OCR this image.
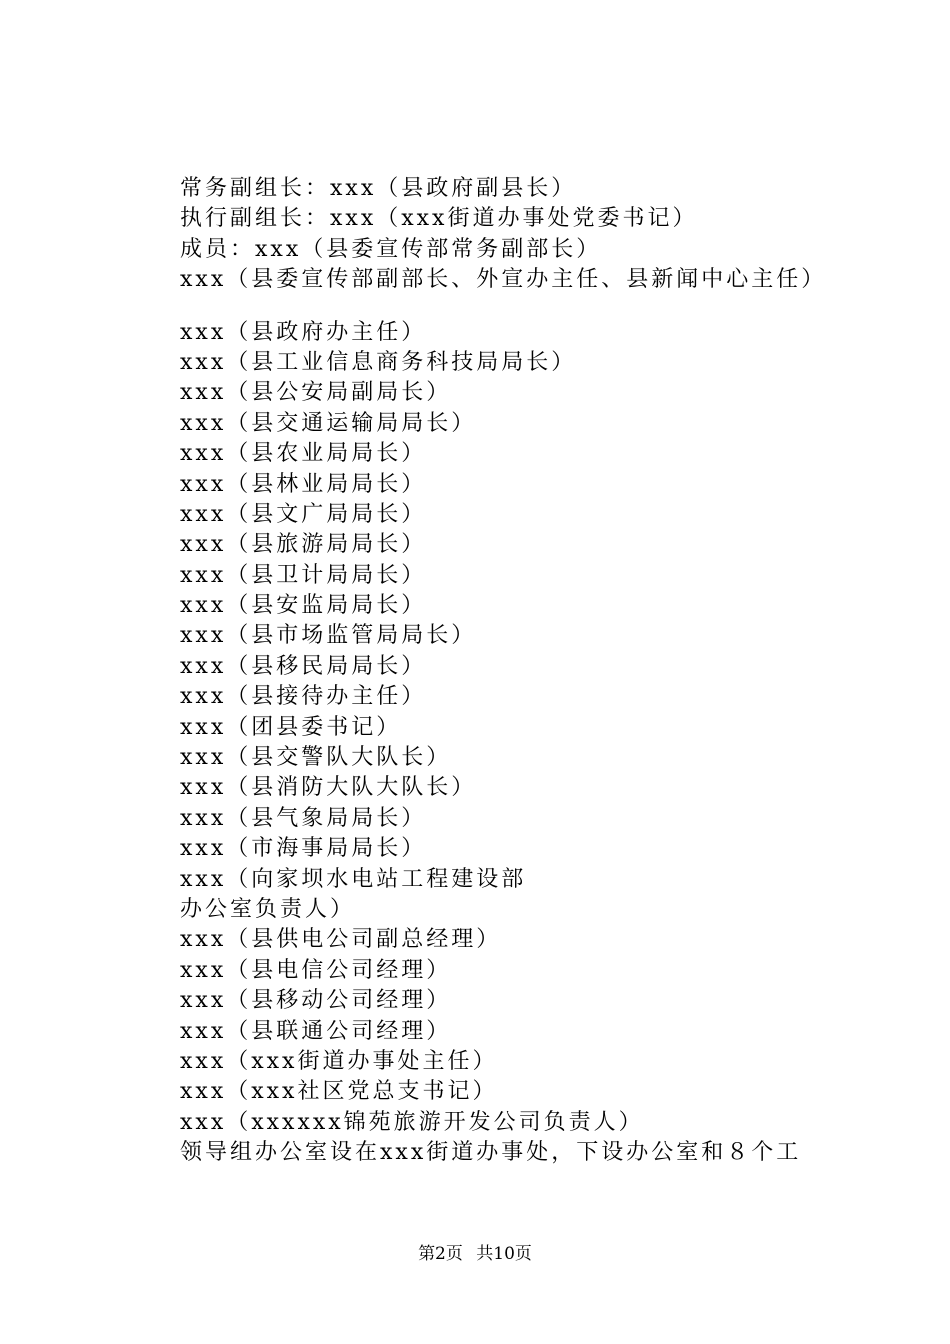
常务副组长：xxx（县政府副县长）
执行副组长：xxx（xxx街道办事处党委书记）
成员：xxx（县委宣传部常务副部长）
xxx（县委宣传部副部长、外宣办主任、县新闻中心主任）
xxx（县政府办主任）
xxx（县工业信息商务科技局局长）
xxx（县公安局副局长）
xxx（县交通运输局局长）
xxx（县农业局局长）
xxx（县林业局局长）
xxx（县文广局局长）
xxx（县旅游局局长）
xxx（县卫计局局长）
xxx（县安监局局长）
xxx（县市场监管局局长）
xxx（县移民局局长）
xxx（县接待办主任）
xxx（团县委书记）
xxx（县交警队大队长）
xxx（县消防大队大队长）
xxx（县气象局局长）
xxx（市海事局局长）
xxx（向家坝水电站工程建设部
办公室负责人）
xxx（县供电公司副总经理）
xxx（县电信公司经理）
xxx（县移动公司经理）
xxx（县联通公司经理）
xxx（xxx街道办事处主任）
xxx（xxx社区党总支书记）
xxx（xxxxxx锦苑旅游开发公司负责人）
领导组办公室设在xxx街道办事处，下设办公室和８个工
第2页 共10页
